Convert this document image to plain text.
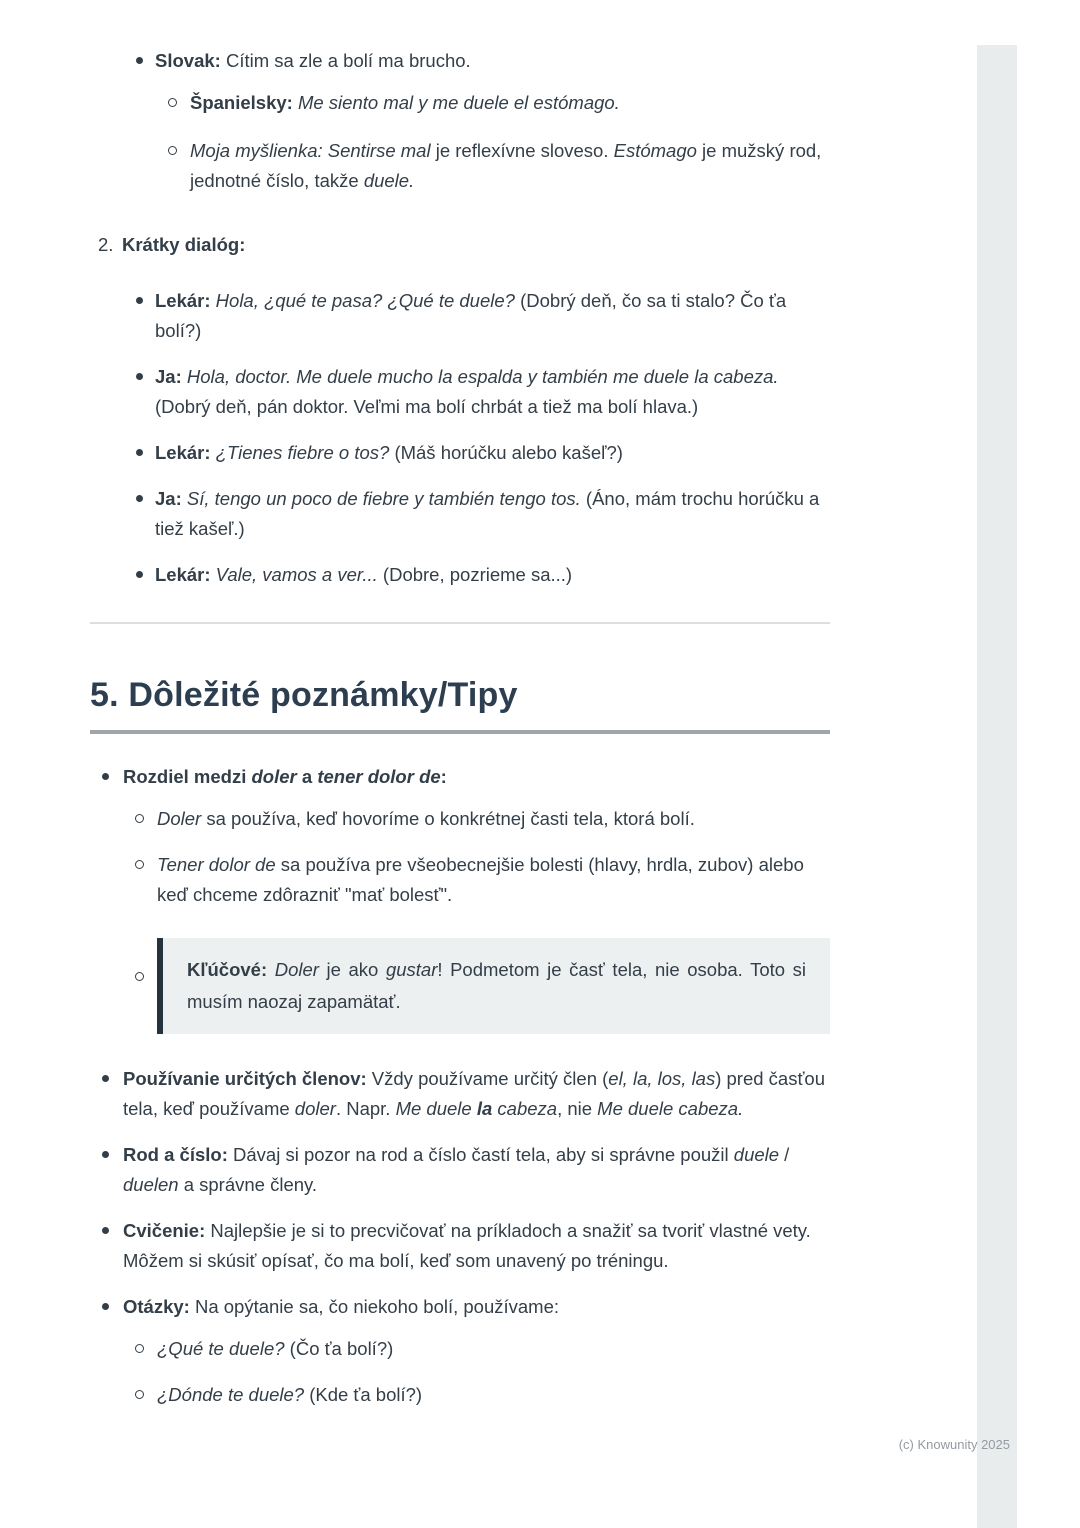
Slovak: Cítim sa zle a bolí ma brucho.
Španielsky: Me siento mal y me duele el estómago.
Moja myšlienka: Sentirse mal je reflexívne sloveso. Estómago je mužský rod, jednotné číslo, takže duele.
2. Krátky dialóg:
Lekár: Hola, ¿qué te pasa? ¿Qué te duele? (Dobrý deň, čo sa ti stalo? Čo ťa bolí?)
Ja: Hola, doctor. Me duele mucho la espalda y también me duele la cabeza. (Dobrý deň, pán doktor. Veľmi ma bolí chrbát a tiež ma bolí hlava.)
Lekár: ¿Tienes fiebre o tos? (Máš horúčku alebo kašeľ?)
Ja: Sí, tengo un poco de fiebre y también tengo tos. (Áno, mám trochu horúčku a tiež kašeľ.)
Lekár: Vale, vamos a ver... (Dobre, pozrieme sa...)
5. Dôležité poznámky/Tipy
Rozdiel medzi doler a tener dolor de:
Doler sa používa, keď hovoríme o konkrétnej časti tela, ktorá bolí.
Tener dolor de sa používa pre všeobecnejšie bolesti (hlavy, hrdla, zubov) alebo keď chceme zdôrazniť "mať bolesť".
Kľúčové: Doler je ako gustar! Podmetom je časť tela, nie osoba. Toto si musím naozaj zapamätať.
Používanie určitých členov: Vždy používame určitý člen (el, la, los, las) pred časťou tela, keď používame doler. Napr. Me duele la cabeza, nie Me duele cabeza.
Rod a číslo: Dávaj si pozor na rod a číslo častí tela, aby si správne použil duele / duelen a správne členy.
Cvičenie: Najlepšie je si to precvičovať na príkladoch a snažiť sa tvoriť vlastné vety. Môžem si skúsiť opísať, čo ma bolí, keď som unavený po tréningu.
Otázky: Na opýtanie sa, čo niekoho bolí, používame:
¿Qué te duele? (Čo ťa bolí?)
¿Dónde te duele? (Kde ťa bolí?)
(c) Knowunity 2025
